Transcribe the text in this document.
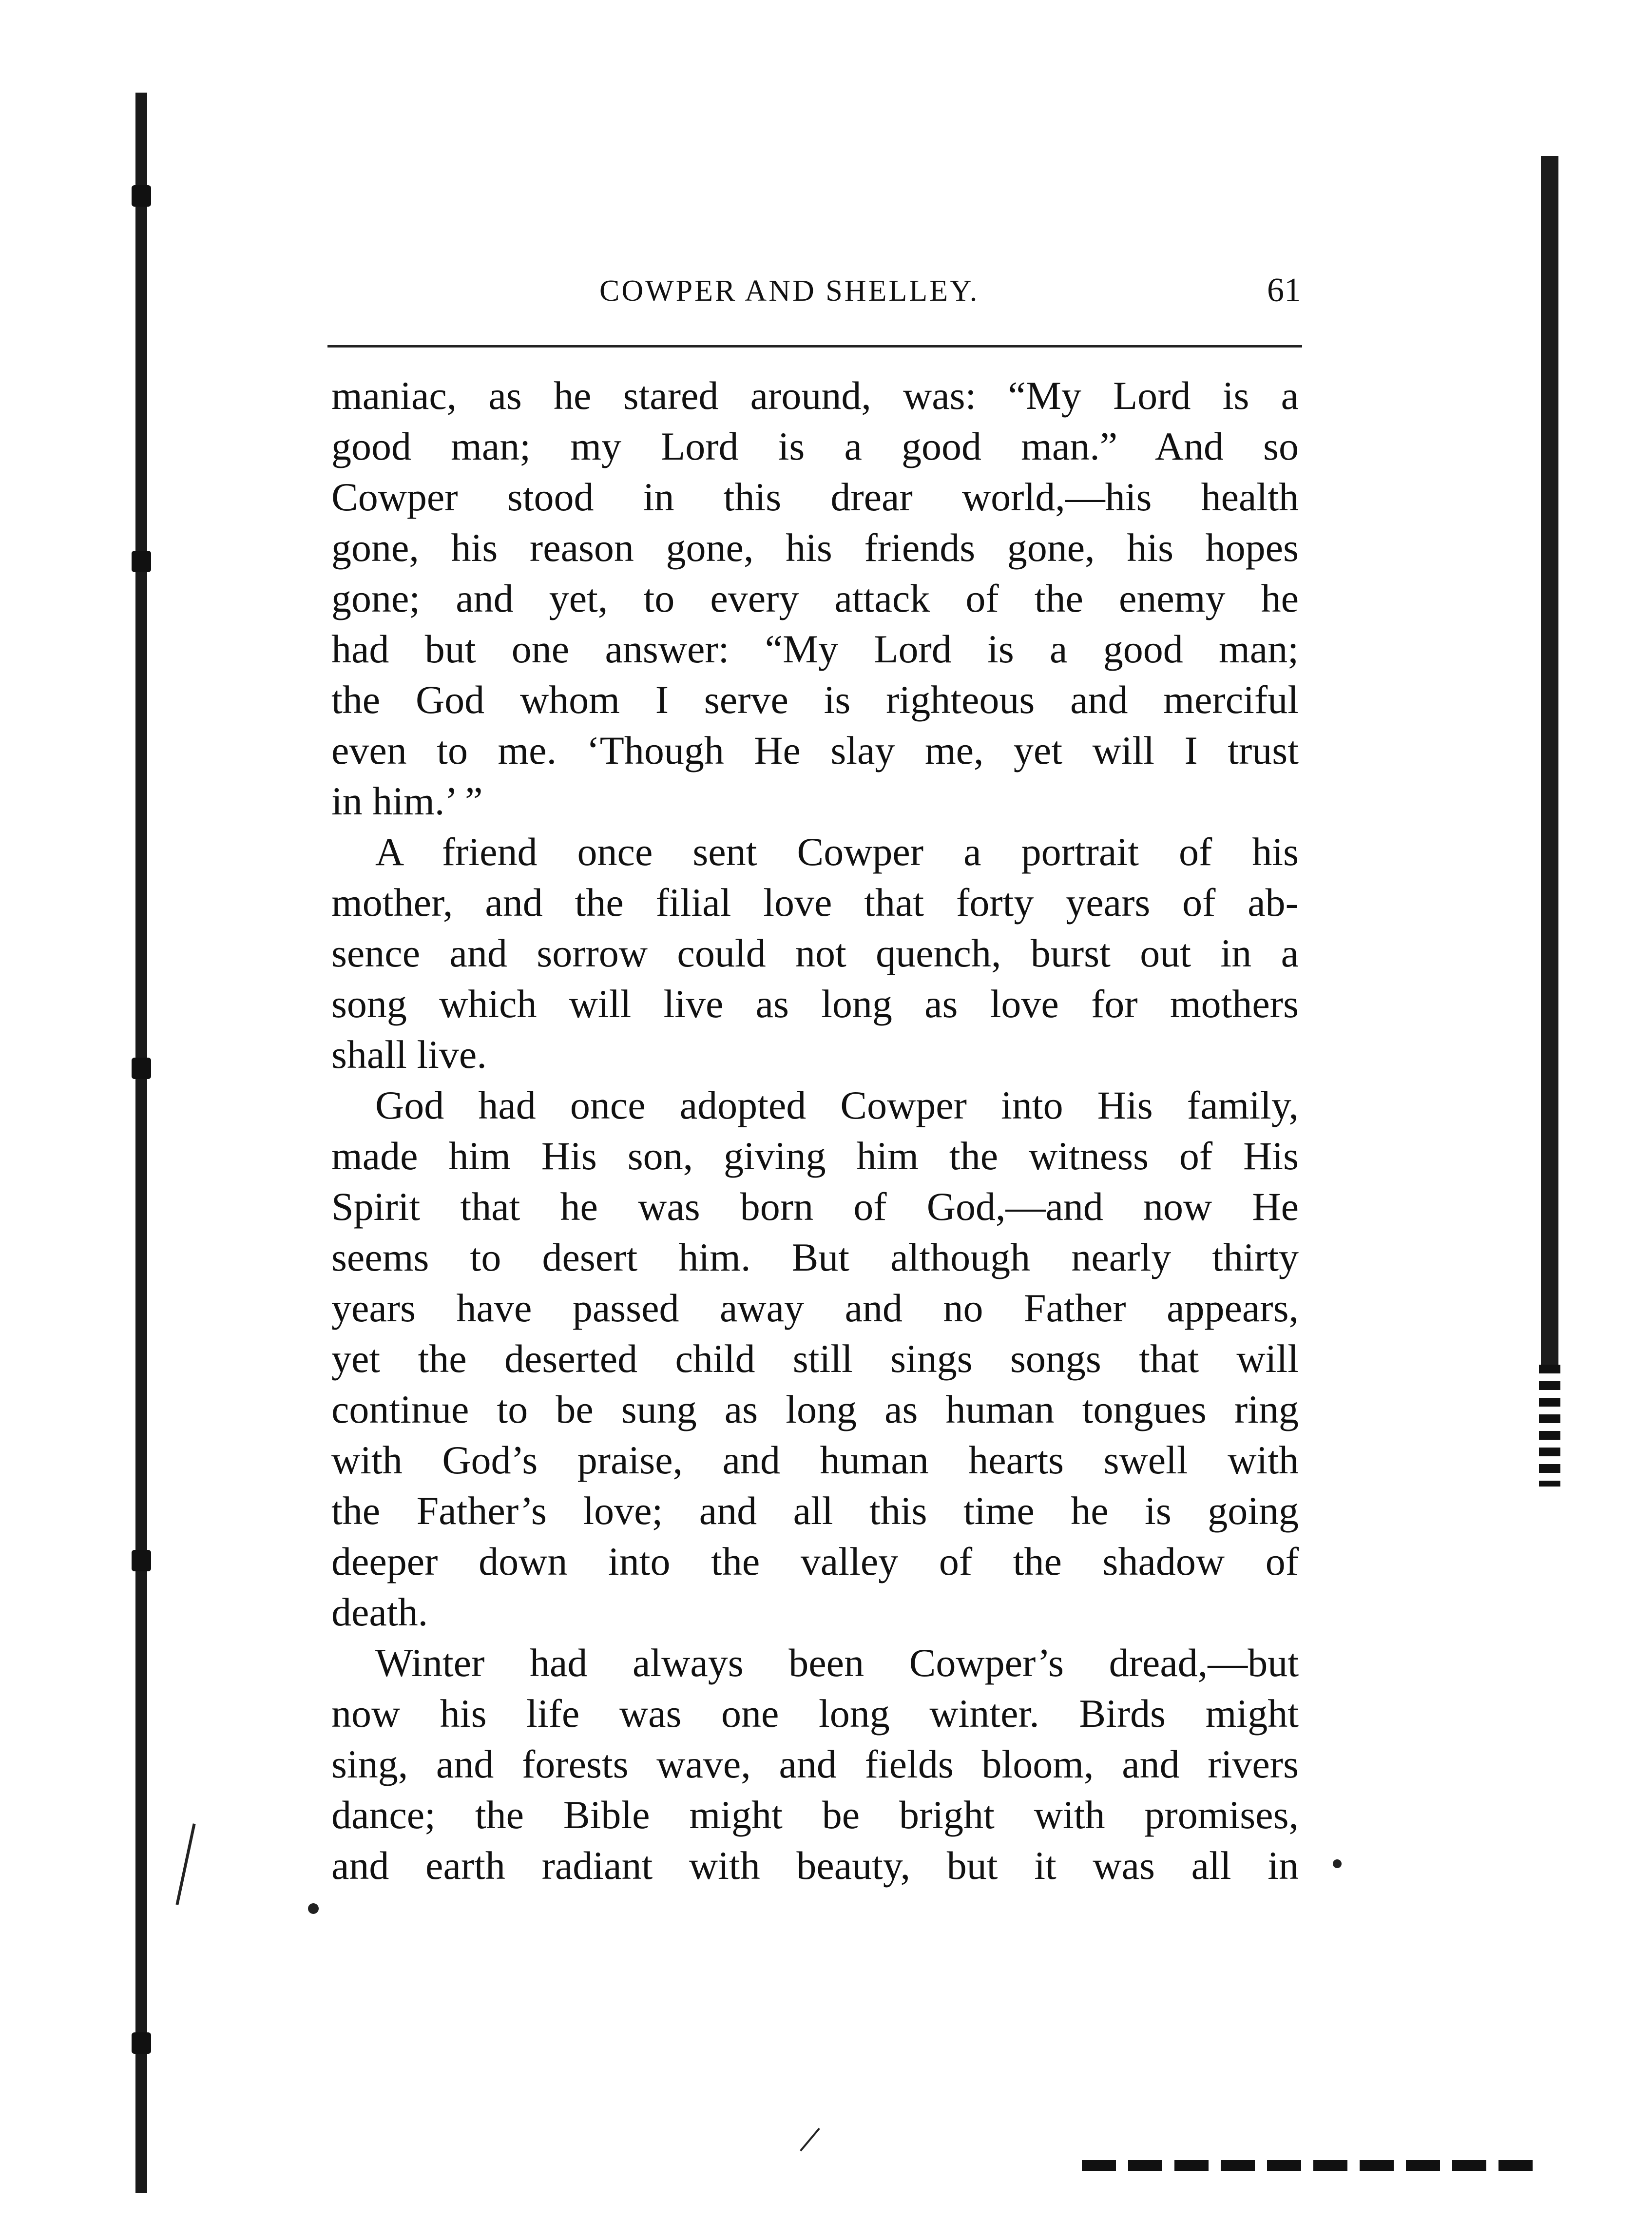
COWPER AND SHELLEY.	61
maniac, as he stared around, was: “My Lord is a
good man; my Lord is a good man.” And so
Cowper stood in this drear world,—his health
gone, his reason gone, his friends gone, his hopes
gone; and yet, to every attack of the enemy he
had but one answer: “My Lord is a good man;
the God whom I serve is righteous and merciful
even to me. ‘Though He slay me, yet will I trust
in him.’ ”
A friend once sent Cowper a portrait of his
mother, and the filial love that forty years of ab-
sence and sorrow could not quench, burst out in a
song which will live as long as love for mothers
shall live.
God had once adopted Cowper into His family,
made him His son, giving him the witness of His
Spirit that he was born of God,—and now He
seems to desert him. But although nearly thirty
years have passed away and no Father appears,
yet the deserted child still sings songs that will
continue to be sung as long as human tongues ring
with God’s praise, and human hearts swell with
the Father’s love; and all this time he is going
deeper down into the valley of the shadow of
death.
Winter had always been Cowper’s dread,—but
now his life was one long winter. Birds might
sing, and forests wave, and fields bloom, and rivers
dance; the Bible might be bright with promises,
and earth radiant with beauty, but it was all in
